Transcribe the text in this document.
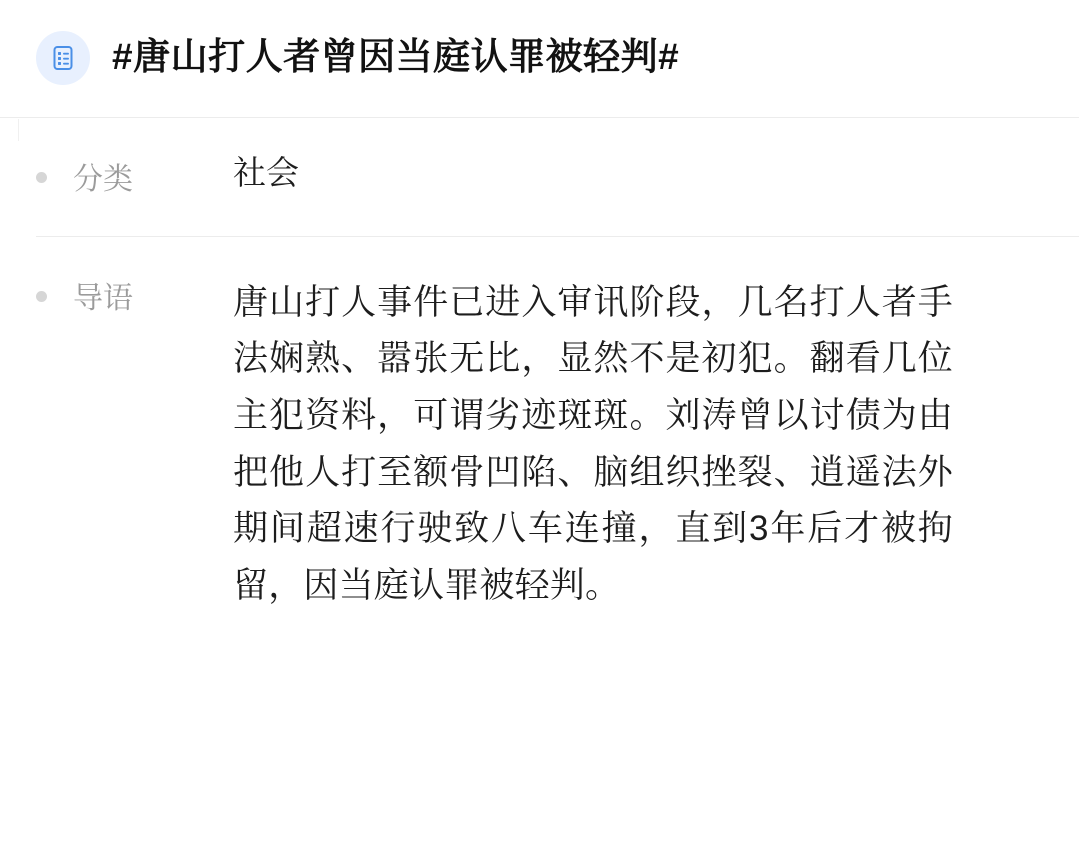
#唐山打人者曾因当庭认罪被轻判#
分类	社会
导语	唐山打人事件已进入审讯阶段，几名打人者手法娴熟、嚣张无比，显然不是初犯。翻看几位主犯资料，可谓劣迹斑斑。刘涛曾以讨债为由把他人打至额骨凹陷、脑组织挫裂、逍遥法外期间超速行驶致八车连撞，直到3年后才被拘留，因当庭认罪被轻判。
